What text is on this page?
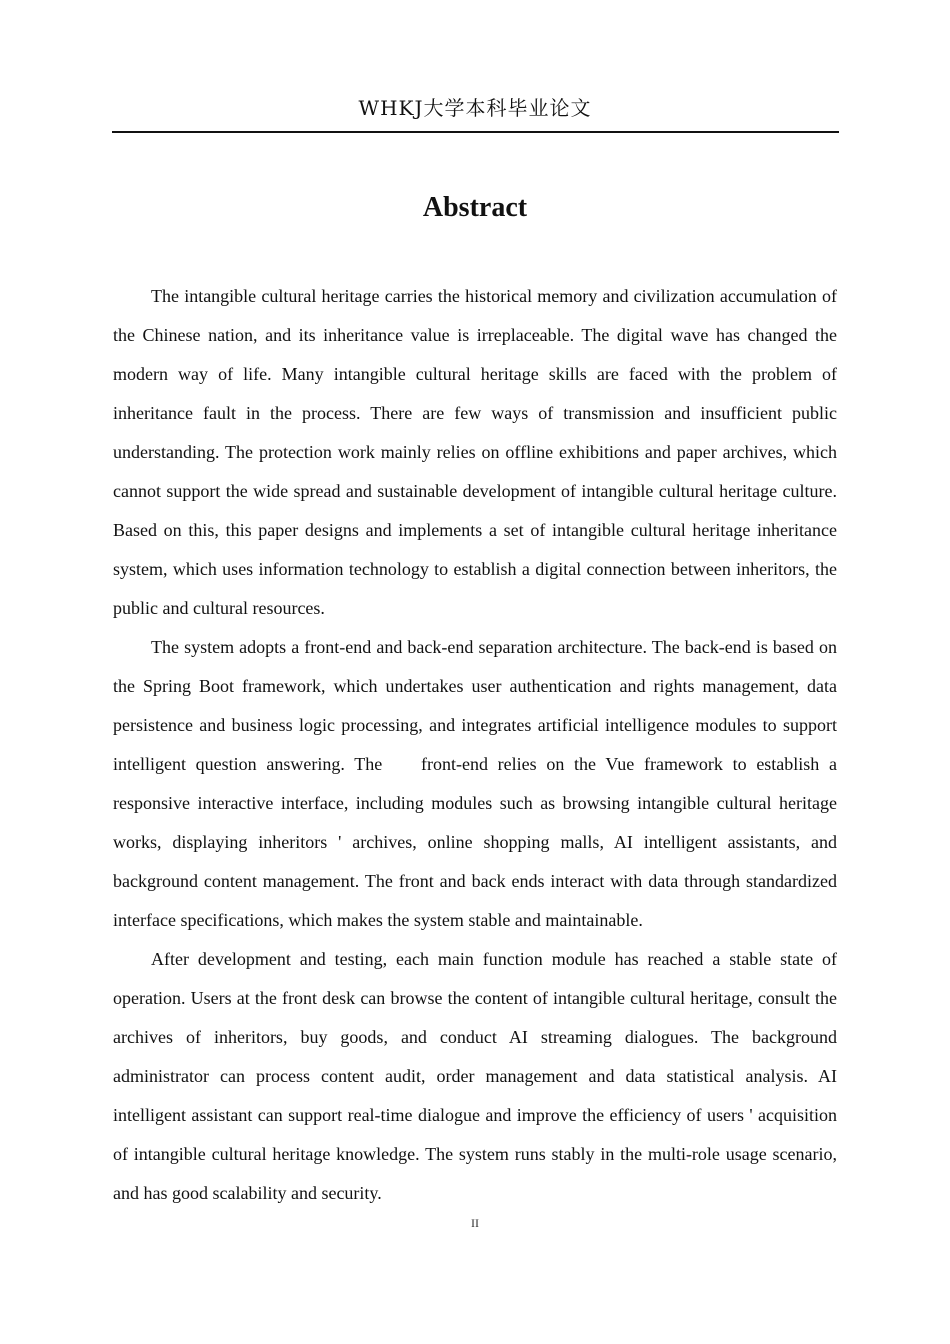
WHKJ大学本科毕业论文
Abstract

The intangible cultural heritage carries the historical memory and civilization accumulation of the Chinese nation, and its inheritance value is irreplaceable. The digital wave has changed the modern way of life. Many intangible cultural heritage skills are faced with the problem of inheritance fault in the process. There are few ways of transmission and insufficient public understanding. The protection work mainly relies on offline exhibitions and paper archives, which cannot support the wide spread and sustainable development of intangible cultural heritage culture. Based on this, this paper designs and implements a set of intangible cultural heritage inheritance system, which uses information technology to establish a digital connection between inheritors, the public and cultural resources.

The system adopts a front-end and back-end separation architecture. The back-end is based on the Spring Boot framework, which undertakes user authentication and rights management, data persistence and business logic processing, and integrates artificial intelligence modules to support intelligent question answering. The    front-end relies on the Vue framework to establish a responsive interactive interface, including modules such as browsing intangible cultural heritage works, displaying inheritors ' archives, online shopping malls, AI intelligent assistants, and background content management. The front and back ends interact with data through standardized interface specifications, which makes the system stable and maintainable.

After development and testing, each main function module has reached a stable state of operation. Users at the front desk can browse the content of intangible cultural heritage, consult the archives of inheritors, buy goods, and conduct AI streaming dialogues. The background administrator can process content audit, order management and data statistical analysis. AI intelligent assistant can support real-time dialogue and improve the efficiency of users ' acquisition of intangible cultural heritage knowledge. The system runs stably in the multi-role usage scenario, and has good scalability and security.

II
